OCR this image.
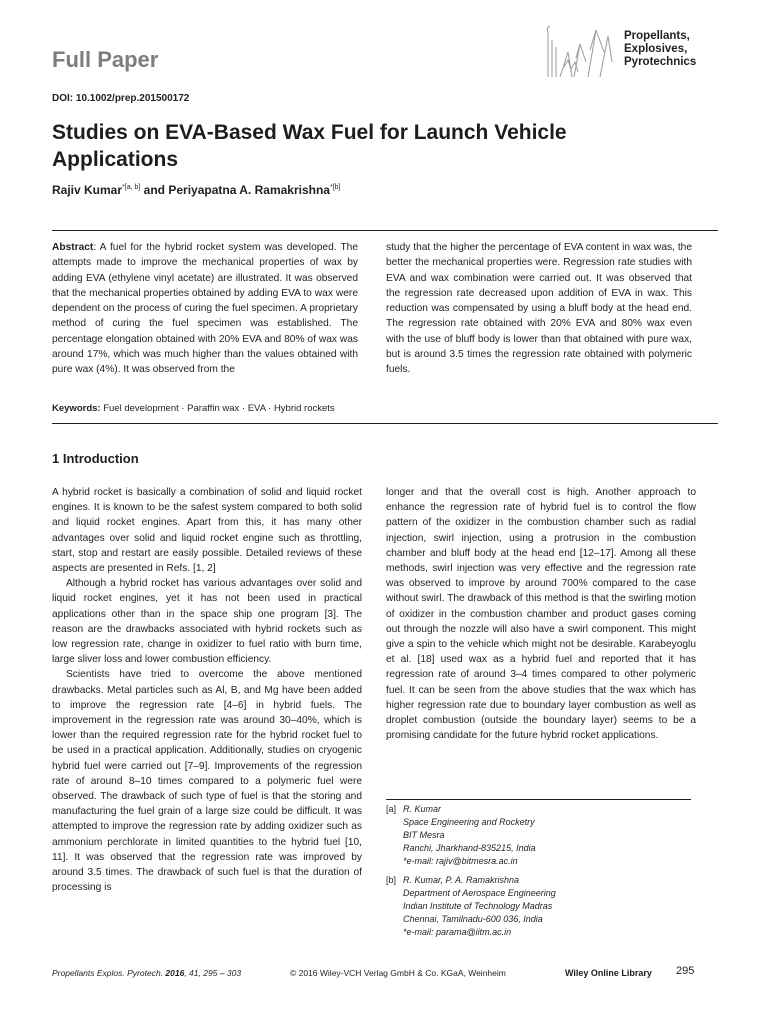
Full Paper
Propellants,
Explosives,
Pyrotechnics
DOI: 10.1002/prep.201500172
Studies on EVA-Based Wax Fuel for Launch Vehicle Applications
Rajiv Kumar$^{*[a, b]}$ and Periyapatna A. Ramakrishna$^{*[b]}$
Abstract: A fuel for the hybrid rocket system was developed. The attempts made to improve the mechanical properties of wax by adding EVA (ethylene vinyl acetate) are illustrated. It was observed that the mechanical properties obtained by adding EVA to wax were dependent on the process of curing the fuel specimen. A proprietary method of curing the fuel specimen was established. The percentage elongation obtained with 20% EVA and 80% of wax was around 17%, which was much higher than the values obtained with pure wax (4%). It was observed from the
study that the higher the percentage of EVA content in wax was, the better the mechanical properties were. Regression rate studies with EVA and wax combination were carried out. It was observed that the regression rate decreased upon addition of EVA in wax. This reduction was compensated by using a bluff body at the head end. The regression rate obtained with 20% EVA and 80% wax even with the use of bluff body is lower than that obtained with pure wax, but is around 3.5 times the regression rate obtained with polymeric fuels.
Keywords: Fuel development · Paraffin wax · EVA · Hybrid rockets
1 Introduction

A hybrid rocket is basically a combination of solid and liquid rocket engines. It is known to be the safest system compared to both solid and liquid rocket engines. Apart from this, it has many other advantages over solid and liquid rocket engine such as throttling, start, stop and restart are easily possible. Detailed reviews of these aspects are presented in Refs. [1, 2]

Although a hybrid rocket has various advantages over solid and liquid rocket engines, yet it has not been used in practical applications other than in the space ship one program [3]. The reason are the drawbacks associated with hybrid rockets such as low regression rate, change in oxidizer to fuel ratio with burn time, large sliver loss and lower combustion efficiency.

Scientists have tried to overcome the above mentioned drawbacks. Metal particles such as Al, B, and Mg have been added to improve the regression rate [4–6] in hybrid fuels. The improvement in the regression rate was around 30–40%, which is lower than the required regression rate for the hybrid rocket fuel to be used in a practical application. Additionally, studies on cryogenic hybrid fuel were carried out [7–9]. Improvements of the regression rate of around 8–10 times compared to a polymeric fuel were observed. The drawback of such type of fuel is that the storing and manufacturing the fuel grain of a large size could be difficult. It was attempted to improve the regression rate by adding oxidizer such as ammonium perchlorate in limited quantities to the hybrid fuel [10, 11]. It was observed that the regression rate was improved by around 3.5 times. The drawback of such fuel is that the duration of processing is

longer and that the overall cost is high. Another approach to enhance the regression rate of hybrid fuel is to control the flow pattern of the oxidizer in the combustion chamber such as radial injection, swirl injection, using a protrusion in the combustion chamber and bluff body at the head end [12–17]. Among all these methods, swirl injection was very effective and the regression rate was observed to improve by around 700% compared to the case without swirl. The drawback of this method is that the swirling motion of oxidizer in the combustion chamber and product gases coming out through the nozzle will also have a swirl component. This might give a spin to the vehicle which might not be desirable. Karabeyoglu et al. [18] used wax as a hybrid fuel and reported that it has regression rate of around 3–4 times compared to other polymeric fuel. It can be seen from the above studies that the wax which has higher regression rate due to boundary layer combustion as well as droplet combustion (outside the boundary layer) seems to be a promising candidate for the future hybrid rocket applications.

[a] R. Kumar
Space Engineering and Rocketry
BIT Mesra
Ranchi, Jharkhand-835215, India
*e-mail: rajiv@bitmesra.ac.in
[b] R. Kumar, P. A. Ramakrishna
Department of Aerospace Engineering
Indian Institute of Technology Madras
Chennai, Tamilnadu-600 036, India
*e-mail: parama@iitm.ac.in
Propellants Explos. Pyrotech. 2016, 41, 295 – 303	© 2016 Wiley-VCH Verlag GmbH & Co. KGaA, Weinheim	Wiley Online Library 295
